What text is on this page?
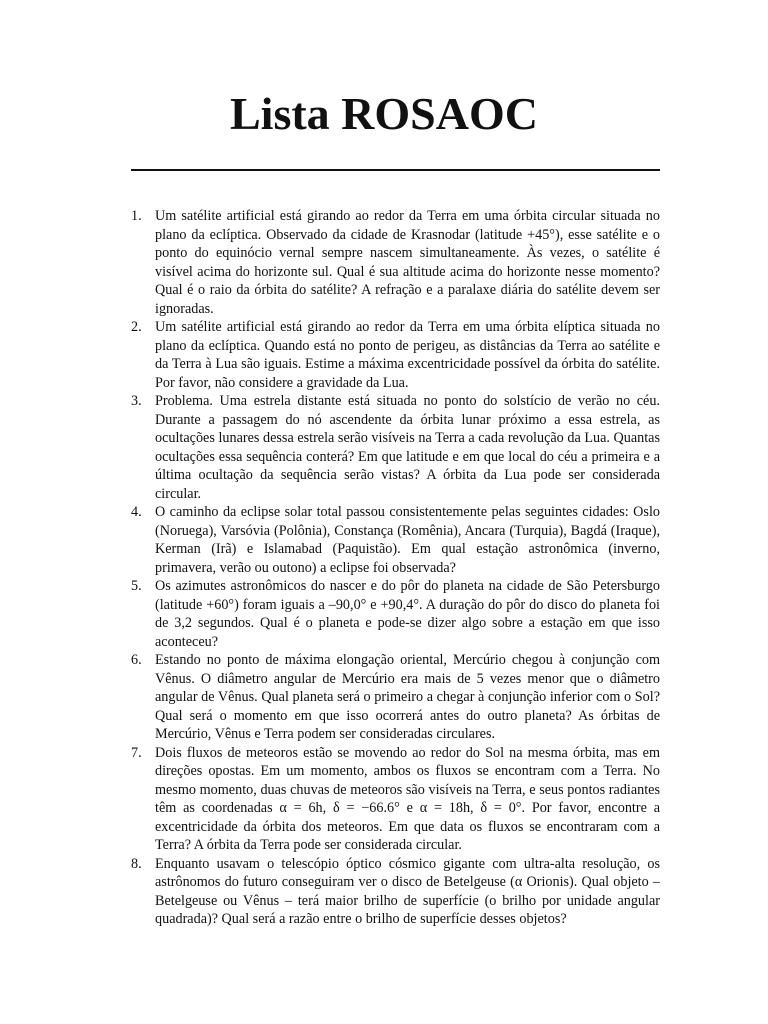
Lista ROSAOC
1. Um satélite artificial está girando ao redor da Terra em uma órbita circular situada no plano da eclíptica. Observado da cidade de Krasnodar (latitude +45°), esse satélite e o ponto do equinócio vernal sempre nascem simultaneamente. Às vezes, o satélite é visível acima do horizonte sul. Qual é sua altitude acima do horizonte nesse momento? Qual é o raio da órbita do satélite? A refração e a paralaxe diária do satélite devem ser ignoradas.
2. Um satélite artificial está girando ao redor da Terra em uma órbita elíptica situada no plano da eclíptica. Quando está no ponto de perigeu, as distâncias da Terra ao satélite e da Terra à Lua são iguais. Estime a máxima excentricidade possível da órbita do satélite. Por favor, não considere a gravidade da Lua.
3. Problema. Uma estrela distante está situada no ponto do solstício de verão no céu. Durante a passagem do nó ascendente da órbita lunar próximo a essa estrela, as ocultações lunares dessa estrela serão visíveis na Terra a cada revolução da Lua. Quantas ocultações essa sequência conterá? Em que latitude e em que local do céu a primeira e a última ocultação da sequência serão vistas? A órbita da Lua pode ser considerada circular.
4. O caminho da eclipse solar total passou consistentemente pelas seguintes cidades: Oslo (Noruega), Varsóvia (Polônia), Constança (Romênia), Ancara (Turquia), Bagdá (Iraque), Kerman (Irã) e Islamabad (Paquistão). Em qual estação astronômica (inverno, primavera, verão ou outono) a eclipse foi observada?
5. Os azimutes astronômicos do nascer e do pôr do planeta na cidade de São Petersburgo (latitude +60°) foram iguais a –90,0° e +90,4°. A duração do pôr do disco do planeta foi de 3,2 segundos. Qual é o planeta e pode-se dizer algo sobre a estação em que isso aconteceu?
6. Estando no ponto de máxima elongação oriental, Mercúrio chegou à conjunção com Vênus. O diâmetro angular de Mercúrio era mais de 5 vezes menor que o diâmetro angular de Vênus. Qual planeta será o primeiro a chegar à conjunção inferior com o Sol? Qual será o momento em que isso ocorrerá antes do outro planeta? As órbitas de Mercúrio, Vênus e Terra podem ser consideradas circulares.
7. Dois fluxos de meteoros estão se movendo ao redor do Sol na mesma órbita, mas em direções opostas. Em um momento, ambos os fluxos se encontram com a Terra. No mesmo momento, duas chuvas de meteoros são visíveis na Terra, e seus pontos radiantes têm as coordenadas α = 6h, δ = −66.6° e α = 18h, δ = 0°. Por favor, encontre a excentricidade da órbita dos meteoros. Em que data os fluxos se encontraram com a Terra? A órbita da Terra pode ser considerada circular.
8. Enquanto usavam o telescópio óptico cósmico gigante com ultra-alta resolução, os astrônomos do futuro conseguiram ver o disco de Betelgeuse (α Orionis). Qual objeto – Betelgeuse ou Vênus – terá maior brilho de superfície (o brilho por unidade angular quadrada)? Qual será a razão entre o brilho de superfície desses objetos?
